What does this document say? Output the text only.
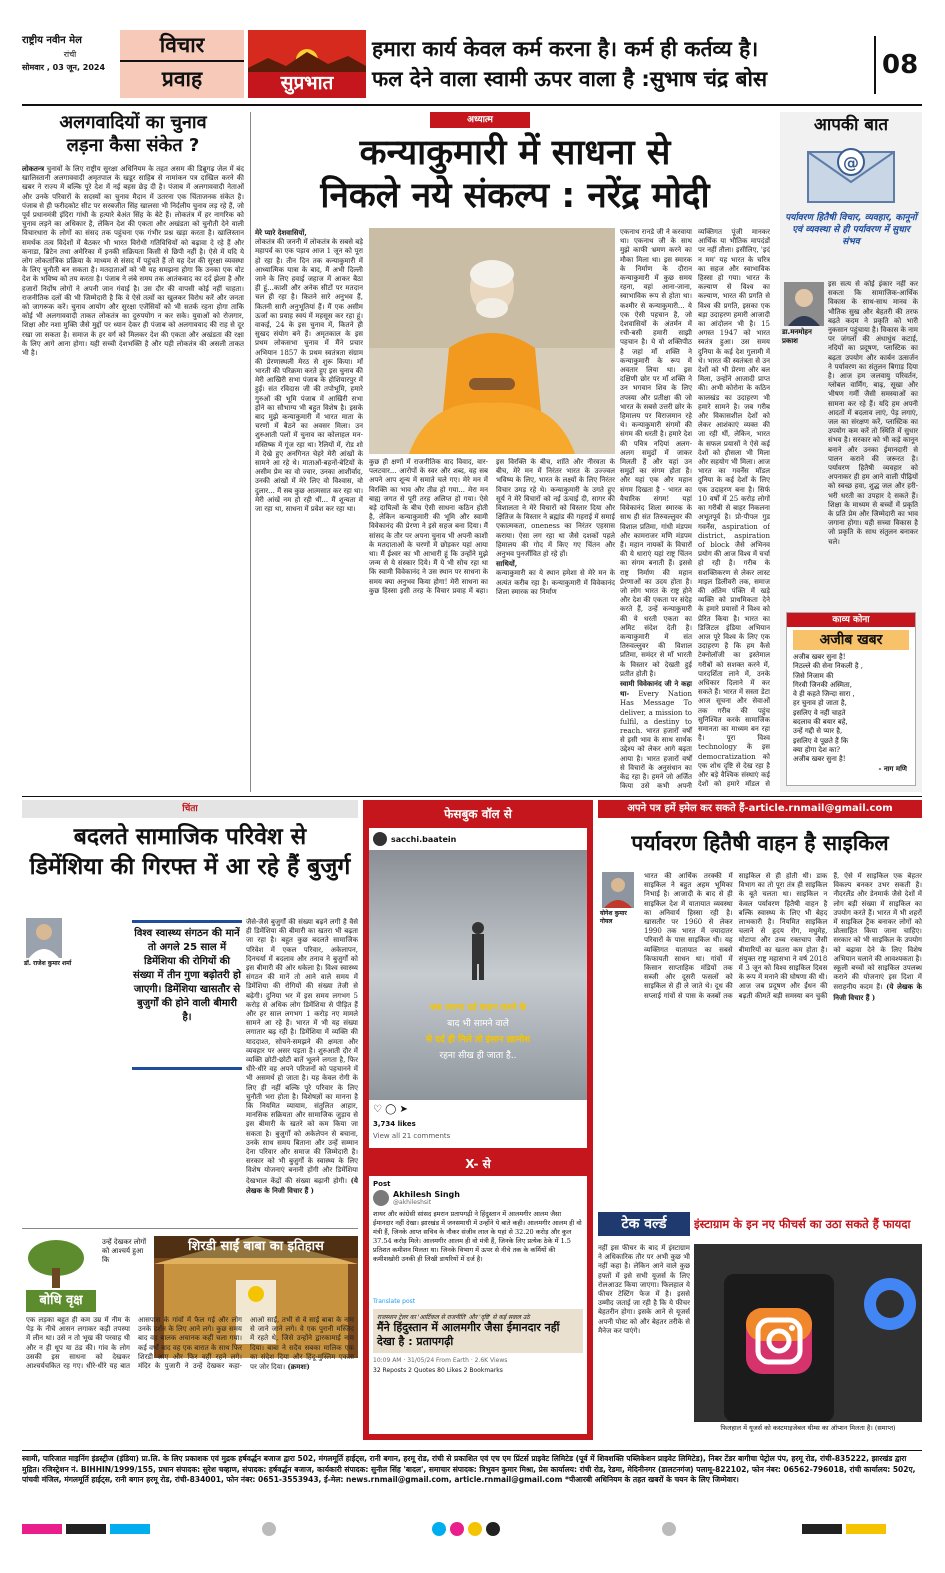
राष्ट्रीय नवीन मेल
रांची
सोमवार , 03 जून, 2024
विचार
प्रवाह	सुप्रभात
हमारा कार्य केवल कर्म करना है। कर्म ही कर्तव्य है।
फल देने वाला स्वामी ऊपर वाला है :सुभाष चंद्र बोस	08
अलगवादियों का चुनाव
लड़ना कैसा संकेत ?
लोकतन्त्र चुनावों के लिए राष्ट्रीय सुरक्षा अधिनियम के तहत असम की डिब्रूगढ़ जेल में बंद खालिस्तानी अलगाववादी अमृतपाल के खडूर साहिब से नामांकन पत्र दाखिल करने की खबर ने राज्य में बल्कि पूरे देश में नई बहस छेड़ दी है। पंजाब में अलगाववादी नेताओं और उनके परिवारों के सदस्यों का चुनाव मैदान में उतरना एक चिंताजनक संकेत है। पंजाब से ही फरीदकोट सीट पर सरबजीत सिंह खालसा भी निर्दलीय चुनाव लड़ रहे हैं, जो पूर्व प्रधानमंत्री इंदिरा गांधी के हत्यारे बेअंत सिंह के बेटे हैं। लोकतंत्र में हर नागरिक को चुनाव लड़ने का अधिकार है, लेकिन देश की एकता और अखंडता को चुनौती देने वाली विचारधारा के लोगों का संसद तक पहुंचना एक गंभीर प्रश्न खड़ा करता है। खालिस्तान समर्थक तत्व विदेशों में बैठकर भी भारत विरोधी गतिविधियों को बढ़ावा दे रहे हैं और कनाडा, ब्रिटेन तथा अमेरिका में इनकी सक्रियता किसी से छिपी नहीं है। ऐसे में यदि ये लोग लोकतांत्रिक प्रक्रिया के माध्यम से संसद में पहुंचते हैं तो यह देश की सुरक्षा व्यवस्था के लिए चुनौती बन सकता है। मतदाताओं को भी यह समझना होगा कि उनका एक वोट देश के भविष्य को तय करता है। पंजाब ने लंबे समय तक आतंकवाद का दर्द झेला है और हजारों निर्दोष लोगों ने अपनी जान गंवाई है। उस दौर की वापसी कोई नहीं चाहता। राजनीतिक दलों की भी जिम्मेदारी है कि वे ऐसे तत्वों का खुलकर विरोध करें और जनता को जागरूक करें। चुनाव आयोग और सुरक्षा एजेंसियों को भी सतर्क रहना होगा ताकि कोई भी अलगाववादी ताकत लोकतंत्र का दुरुपयोग न कर सके। युवाओं को रोजगार, शिक्षा और नशा मुक्ति जैसे मुद्दों पर ध्यान देकर ही पंजाब को अलगाववाद की राह से दूर रखा जा सकता है। समाज के हर वर्ग को मिलकर देश की एकता और अखंडता की रक्षा के लिए आगे आना होगा। यही सच्ची देशभक्ति है और यही लोकतंत्र की असली ताकत भी है।
अध्यात्म
कन्याकुमारी में साधना से
निकले नये संकल्प : नरेंद्र मोदी
मेरे प्यारे देशवासियों,
लोकतंत्र की जननी में लोकतंत्र के सबसे बड़े महापर्व का एक पड़ाव आज 1 जून को पूरा हो रहा है। तीन दिन तक कन्याकुमारी में आध्यात्मिक यात्रा के बाद, मैं अभी दिल्ली जाने के लिए हवाई जहाज में आकर बैठा ही हूं...काशी और अनेक सीटों पर मतदान चल ही रहा है। कितने सारे अनुभव हैं, कितनी सारी अनुभूतियां हैं। मैं एक असीम ऊर्जा का प्रवाह स्वयं में महसूस कर रहा हूं। वाकई, 24 के इस चुनाव में, कितने ही सुखद संयोग बने हैं। अमृतकाल के इस प्रथम लोकसभा चुनाव में मैंने प्रचार अभियान 1857 के प्रथम स्वतंत्रता संग्राम की प्रेरणास्थली मेरठ से शुरू किया। माँ भारती की परिक्रमा करते हुए इस चुनाव की मेरी आखिरी सभा पंजाब के होशियारपुर में हुई। संत रविदास जी की तपोभूमि, हमारे गुरुओं की भूमि पंजाब में आखिरी सभा होने का सौभाग्य भी बहुत विशेष है। इसके बाद मुझे कन्याकुमारी में भारत माता के चरणों में बैठने का अवसर मिला। उन शुरुआती पलों में चुनाव का कोलाहल मन-मस्तिष्क में गूंज रहा था। रैलियों में, रोड शो में देखे हुए अनगिनत चेहरे मेरी आंखों के सामने आ रहे थे। माताओं-बहनों-बेटियों के असीम प्रेम का वो ज्वार, उनका आशीर्वाद, उनकी आंखों में मेरे लिए वो विश्वास, वो दुलार... मैं सब कुछ आत्मसात कर रहा था। मेरी आंखें नम हो रही थीं... मैं शून्यता में जा रहा था, साधना में प्रवेश कर रहा था।
कुछ ही क्षणों में राजनीतिक वाद विवाद, वार-पलटवार... आरोपों के स्वर और शब्द, वह सब अपने आप शून्य में समाते चले गए। मेरे मन में विरक्ति का भाव और तीव्र हो गया... मेरा मन बाह्य जगत से पूरी तरह अलिप्त हो गया। ऐसे बड़े दायित्वों के बीच ऐसी साधना कठिन होती है, लेकिन कन्याकुमारी की भूमि और स्वामी विवेकानंद की प्रेरणा ने इसे सहज बना दिया। मैं सांसद के तौर पर अपना चुनाव भी अपनी काशी के मतदाताओं के चरणों में छोड़कर यहां आया था। मैं ईश्वर का भी आभारी हूं कि उन्होंने मुझे जन्म से ये संस्कार दिये। मैं ये भी सोच रहा था कि स्वामी विवेकानंद ने उस स्थान पर साधना के समय क्या अनुभव किया होगा! मेरी साधना का कुछ हिस्सा इसी तरह के विचार प्रवाह में बहा। इस विरक्ति के बीच, शांति और नीरवता के बीच, मेरे मन में निरंतर भारत के उज्ज्वल भविष्य के लिए, भारत के लक्ष्यों के लिए निरंतर विचार उमड़ रहे थे। कन्याकुमारी के उगते हुए सूर्य ने मेरे विचारों को नई ऊंचाई दी, सागर की विशालता ने मेरे विचारों को विस्तार दिया और क्षितिज के विस्तार ने ब्रह्मांड की गहराई में समाई एकात्मकता, oneness का निरंतर एहसास कराया। ऐसा लग रहा था जैसे दशकों पहले हिमालय की गोद में किए गए चिंतन और अनुभव पुनर्जीवित हो रहे हों।
साथियों,
कन्याकुमारी का ये स्थान हमेशा से मेरे मन के अत्यंत करीब रहा है। कन्याकुमारी में विवेकानंद शिला स्मारक का निर्माण
एकनाथ रानडे जी ने करवाया था। एकनाथ जी के साथ मुझे काफी भ्रमण करने का मौका मिला था। इस स्मारक के निर्माण के दौरान कन्याकुमारी में कुछ समय रहना, वहां आना-जाना, स्वाभाविक रूप से होता था। कश्मीर से कन्याकुमारी... ये एक ऐसी पहचान है, जो देशवासियों के अंतर्मन में रची-बसी हमारी साझी पहचान है। ये वो शक्तिपीठ है जहां माँ शक्ति ने कन्याकुमारी के रूप में अवतार लिया था। इस दक्षिणी छोर पर माँ शक्ति ने उन भगवान शिव के लिए तपस्या और प्रतीक्षा की जो भारत के सबसे उत्तरी छोर के हिमालय पर विराजमान रहे थे। कन्याकुमारी संगमों की संगम की धरती है। हमारे देश की पवित्र नदियां अलग-अलग समुद्रों में जाकर मिलती हैं और यहां उन समुद्रों का संगम होता है। और यहां एक और महान संगम दिखता है - भारत का वैचारिक संगम! यहां विवेकानंद शिला स्मारक के साथ ही संत तिरुवल्लुवर की विशाल प्रतिमा, गांधी मंडपम और कामराजर मणि मंडपम हैं। महान नायकों के विचारों की ये धाराएं यहां राष्ट्र चिंतन का संगम बनाती हैं। इससे राष्ट्र निर्माण की महान प्रेरणाओं का उदय होता है। जो लोग भारत के राष्ट्र होने और देश की एकता पर संदेह करते हैं, उन्हें कन्याकुमारी की ये धरती एकता का अमिट संदेश देती है। कन्याकुमारी में संत तिरुवल्लुवर की विशाल प्रतिमा, समंदर से माँ भारती के विस्तार को देखती हुई प्रतीत होती है।
स्वामी विवेकानंद जी ने कहा था- Every Nation Has Message To deliver, a mission to fulfil, a destiny to reach. भारत हजारों वर्षों से इसी भाव के साथ सार्थक उद्देश्य को लेकर आगे बढ़ता आया है। भारत हजारों वर्षों से विचारों के अनुसंधान का केंद्र रहा है। हमने जो अर्जित किया उसे कभी अपनी व्यक्तिगत पूंजी मानकर आर्थिक या भौतिक मापदंडों पर नहीं तौला। इसीलिए, 'इदं न मम' यह भारत के चरित्र का सहज और स्वाभाविक हिस्सा हो गया। भारत के कल्याण से विश्व का कल्याण, भारत की प्रगति से विश्व की प्रगति, इसका एक बड़ा उदाहरण हमारी आजादी का आंदोलन भी है। 15 अगस्त 1947 को भारत स्वतंत्र हुआ। उस समय दुनिया के कई देश गुलामी में थे। भारत की स्वतंत्रता से उन देशों को भी प्रेरणा और बल मिला, उन्होंने आजादी प्राप्त की। अभी कोरोना के कठिन कालखंड का उदाहरण भी हमारे सामने है। जब गरीब और विकासशील देशों को लेकर आशंकाएं व्यक्त की जा रही थीं, लेकिन, भारत के सफल प्रयासों ने ऐसे कई देशों को हौसला भी मिला और सहयोग भी मिला। आज भारत का गवर्नेंस मॉडल दुनिया के कई देशों के लिए एक उदाहरण बना है। सिर्फ 10 वर्षों में 25 करोड़ लोगों का गरीबी से बाहर निकलना अभूतपूर्व है। प्रो-पीपल गुड गवर्नेंस, aspiration of district, aspiration of block जैसे अभिनव प्रयोग की आज विश्व में चर्चा हो रही है। गरीब के सशक्तिकरण से लेकर लास्ट माइल डिलीवरी तक, समाज की अंतिम पंक्ति में खड़े व्यक्ति को प्राथमिकता देने के हमारे प्रयासों ने विश्व को प्रेरित किया है। भारत का डिजिटल इंडिया अभियान आज पूरे विश्व के लिए एक उदाहरण है कि हम कैसे टेक्नोलॉजी का इस्तेमाल गरीबों को सशक्त करने में, पारदर्शिता लाने में, उनके अधिकार दिलाने में कर सकते हैं। भारत में सस्ता डेटा आज सूचना और सेवाओं तक गरीब की पहुंच सुनिश्चित करके सामाजिक समानता का माध्यम बन रहा है। पूरा विश्व technology के इस democratization को एक शोध दृष्टि से देख रहा है और बड़े वैश्विक संस्थाएं कई देशों को हमारे मॉडल से
आपकी बात
@
पर्यावरण हितैषी विचार, व्यवहार, कानूनों एवं व्यवस्था से ही पर्यावरण में सुधार संभव
डा.मनमोहन प्रकाश
इस सत्य से कोई इंकार नहीं कर सकता कि सामाजिक-आर्थिक विकास के साथ-साथ मानव के भौतिक सुख और बेहतरी की तरफ बढ़ते कदम ने प्रकृति को भारी नुकसान पहुंचाया है। विकास के नाम पर जंगलों की अंधाधुंध कटाई, नदियों का प्रदूषण, प्लास्टिक का बढ़ता उपयोग और कार्बन उत्सर्जन ने पर्यावरण का संतुलन बिगाड़ दिया है। आज हम जलवायु परिवर्तन, ग्लोबल वार्मिंग, बाढ़, सूखा और भीषण गर्मी जैसी समस्याओं का सामना कर रहे हैं। यदि हम अपनी आदतों में बदलाव लाएं, पेड़ लगाएं, जल का संरक्षण करें, प्लास्टिक का उपयोग कम करें तो स्थिति में सुधार संभव है। सरकार को भी कड़े कानून बनाने और उनका ईमानदारी से पालन कराने की जरूरत है। पर्यावरण हितैषी व्यवहार को अपनाकर ही हम आने वाली पीढ़ियों को स्वच्छ हवा, शुद्ध जल और हरी-भरी धरती का उपहार दे सकते हैं। शिक्षा के माध्यम से बच्चों में प्रकृति के प्रति प्रेम और जिम्मेदारी का भाव जगाना होगा। यही सच्चा विकास है जो प्रकृति के साथ संतुलन बनाकर चले।
काव्य कोना
अजीब खबर
अजीब खबर सुना है!
निठल्ले की सेना निकली है ,
जिसे निजाम की
गिरवी जिनकी अस्मिता,
वे ही कहते जिन्दा सारा ,
हर चुनाव हो जाता है,
इसलिए वे नहीं चाहते
बदलाव की बयार बहे,
उन्हें गद्दी से प्यार है,
इसलिए वे पूछते हैं कि
क्या होगा देश का?
अजीब खबर सुना है!
- नाग मणि
चिंता
बदलते सामाजिक परिवेश से
डिमेंशिया की गिरफ्त में आ रहे हैं बुजुर्ग
डॉ. राजेश कुमार शर्मा
विश्व स्वास्थ्य संगठन की मानें तो अगले 25 साल में डिमेंशिया की रोगियों की संख्या में तीन गुणा बढ़ोतरी हो जाएगी। डिमेंशिया खासतौर से बुजुर्गों की होने वाली बीमारी है।
जैसे-जैसे बुजुर्गों की संख्या बढ़ने लगी है वैसे ही डिमेंशिया की बीमारी का खतरा भी बढ़ता जा रहा है। बहुत कुछ बदलते सामाजिक परिवेश में एकल परिवार, अकेलापन, दिनचर्या में बदलाव और तनाव ने बुजुर्गों को इस बीमारी की ओर धकेला है। विश्व स्वास्थ्य संगठन की मानें तो आने वाले समय में डिमेंशिया की रोगियों की संख्या तेजी से बढ़ेगी। दुनिया भर में इस समय लगभग 5 करोड़ से अधिक लोग डिमेंशिया से पीड़ित हैं और हर साल लगभग 1 करोड़ नए मामले सामने आ रहे हैं। भारत में भी यह संख्या लगातार बढ़ रही है। डिमेंशिया में व्यक्ति की याददाश्त, सोचने-समझने की क्षमता और व्यवहार पर असर पड़ता है। शुरुआती दौर में व्यक्ति छोटी-छोटी बातें भूलने लगता है, फिर धीरे-धीरे वह अपने परिजनों को पहचानने में भी असमर्थ हो जाता है। यह केवल रोगी के लिए ही नहीं बल्कि पूरे परिवार के लिए चुनौती भरा होता है। विशेषज्ञों का मानना है कि नियमित व्यायाम, संतुलित आहार, मानसिक सक्रियता और सामाजिक जुड़ाव से इस बीमारी के खतरे को कम किया जा सकता है। बुजुर्गों को अकेलेपन से बचाना, उनके साथ समय बिताना और उन्हें सम्मान देना परिवार और समाज की जिम्मेदारी है। सरकार को भी बुजुर्गों के स्वास्थ्य के लिए विशेष योजनाएं बनानी होंगी और डिमेंशिया देखभाल केंद्रों की संख्या बढ़ानी होगी। (ये लेखक के निजी विचार हैं )
शिरडी साईं बाबा का इतिहास
बोधि वृक्ष
उन्हें देखकर लोगों को आश्चर्य हुआ कि
एक लड़का बहुत ही कम उम्र में नीम के पेड़ के नीचे आसन लगाकर कड़ी तपस्या में लीन था। उसे न तो भूख की परवाह थी और न ही धूप या ठंड की। गांव के लोग उसकी इस साधना को देखकर आश्चर्यचकित रह गए। धीरे-धीरे यह बात आसपास के गांवों में फैल गई और लोग उनके दर्शन के लिए आने लगे। कुछ समय बाद वह बालक अचानक कहीं चला गया। कई वर्षों बाद वह एक बारात के साथ फिर शिरडी आए और फिर वहीं रहने लगे। मंदिर के पुजारी ने उन्हें देखकर कहा- आओ साईं, तभी से वे साईं बाबा के नाम से जाने जाने लगे। वे एक पुरानी मस्जिद में रहते थे, जिसे उन्होंने द्वारकामाई नाम दिया। बाबा ने सदैव सबका मालिक एक का संदेश दिया और हिंदू-मुस्लिम एकता पर जोर दिया। (क्रमशः)
फेसबुक वॉल से
sacchi.baatein
जब अपना दर्द बयान करने के
बाद भी सामने वाले
से दर्द ही मिले तो इंसान ख़ामोश
रहना सीख ही जाता है..
♡ ◯ ➤
3,734 likes
View all 21 comments
X- से
Post
Akhilesh Singh
@akhileshsit
शायर और कांग्रेसी सांसद इमरान प्रतापगढ़ी ने हिंदुस्तान में आलमगीर आलम जैसा ईमानदार नहीं देखा। झारखंड में जनसमाधी में उन्होंने ये बाते कही। आलमगीर आलम ही वो मंत्री हैं, जिनके आप्त सचिव के नौकर संजीव लाल के यहां से 32.20 करोड़ और कुल 37.54 करोड़ मिले। आलमगीर आलम ही वो मंत्री हैं, जिनके लिए प्रत्येक ठेके में 1.5 प्रतिशत कमीशन मिलता था। जिनके विभाग में ऊपर से नीचे तक के कर्मियों की कमीशखोरी उनकी ही लिखी डायरियों में दर्ज है।
Translate post
राजस्थान ट्रेलर का 'आर्टिकल से राजनीति' और 'दृष्टि' से कई सवाल उठे
मैंने हिंदुस्तान में आलमगीर जैसा ईमानदार नहीं देखा है : प्रतापगढ़ी
10:09 AM · 31/05/24 From Earth · 2.6K Views
32 Reposts 2 Quotes 80 Likes 2 Bookmarks
अपने पत्र हमें इमेल कर सकते हैं-article.rnmail@gmail.com
पर्यावरण हितैषी वाहन है साइकिल
योगेश कुमार गोयल
भारत की आर्थिक तरक्की में साइकिल ने बहुत अहम भूमिका निभाई है। आजादी के बाद से ही साइकिल देश में यातायात व्यवस्था का अनिवार्य हिस्सा रही है। खासतौर पर 1960 से लेकर 1990 तक भारत में ज्यादातर परिवारों के पास साइकिल थी। यह व्यक्तिगत यातायात का सबसे किफायती साधन था। गांवों में किसान साप्ताहिक मंडियों तक सब्जी और दूसरी फसलों को साइकिल से ही ले जाते थे। दूध की सप्लाई गांवों से पास के कस्बों तक साइकिल से ही होती थी। डाक विभाग का तो पूरा तंत्र ही साइकिल के बूते चलता था। साइकिल न केवल पर्यावरण हितैषी वाहन है बल्कि स्वास्थ्य के लिए भी बेहद लाभकारी है। नियमित साइकिल चलाने से हृदय रोग, मधुमेह, मोटापा और उच्च रक्तचाप जैसी बीमारियों का खतरा कम होता है। संयुक्त राष्ट्र महासभा ने वर्ष 2018 में 3 जून को विश्व साइकिल दिवस के रूप में मनाने की घोषणा की थी। आज जब प्रदूषण और ईंधन की बढ़ती कीमतें बड़ी समस्या बन चुकी हैं, ऐसे में साइकिल एक बेहतर विकल्प बनकर उभर सकती है। नीदरलैंड और डेनमार्क जैसे देशों में लोग बड़ी संख्या में साइकिल का उपयोग करते हैं। भारत में भी शहरों में साइकिल ट्रैक बनाकर लोगों को प्रोत्साहित किया जाना चाहिए। सरकार को भी साइकिल के उपयोग को बढ़ावा देने के लिए विशेष अभियान चलाने की आवश्यकता है। स्कूली बच्चों को साइकिल उपलब्ध कराने की योजनाएं इस दिशा में सराहनीय कदम हैं। (ये लेखक के निजी विचार हैं )
टेक वर्ल्ड	इंस्टाग्राम के इन नए फीचर्स का उठा सकते हैं फायदा
नहीं इस फीचर के बाद में इंस्टाग्राम ने अधिकारिक तौर पर अभी कुछ भी नहीं कहा है। लेकिन आने वाले कुछ हफ्तों में इसे सभी यूजर्स के लिए रोलआउट किया जाएगा। फिलहाल ये फीचर टेस्टिंग फेज में है। इससे उम्मीद जताई जा रही है कि ये फीचर बेहतरीन होगा। इसके आने से यूजर्स अपनी पोस्ट को और बेहतर तरीके से मैनेज कर पाएंगे।
फिलहाल में यूजर्स को कस्टमाइजेबल थीम्स का ऑप्शन मिलता है। (समाप्त)
स्वामी, पारिजात माइनिंग इंडस्ट्रीज (इंडिया) प्रा.लि. के लिए प्रकाशक एवं मुद्रक हर्षवर्द्धन बजाज द्वारा 502, मंगलमूर्ति हाईट्स, रानी बगान, हरमू रोड, रांची से प्रकाशित एवं एच एम प्रिंटर्स प्राइवेट लिमिटेड (पूर्व में शिवशक्ति पब्लिकेशन प्राइवेट लिमिटेड), निबर टेंडर बागीचा पेट्रोल पंप, हरमू रोड, रांची-835222, झारखंड द्वारा मुद्रित। रजिस्ट्रेशन नं. BIHHIN/1999/155, प्रधान संपादक: सुरेश चव्हाण, संपादक: हर्षवर्द्धन बजाज, कार्यकारी संपादक: सुनील सिंह 'बादल', समाचार संपादक: त्रिभुवन कुमार मिश्रा, प्रेस कार्यालय: रांची रोड, रेडमा, मेदिनीनगर (डालटनगंज) पलामू-822102, फोन नंबर: 06562-796018, रांची कार्यालय: 502ए, पांचवी मंजिल, मंगलमूर्ति हाईट्स, रानी बगान हरमू रोड, रांची-834001, फोन नंबर: 0651-3553943, ई-मेल: news.rnmail@gmail.com, article.rnmail@gmail.com *पीआरबी अधिनियम के तहत खबरों के चयन के लिए जिम्मेवार।
